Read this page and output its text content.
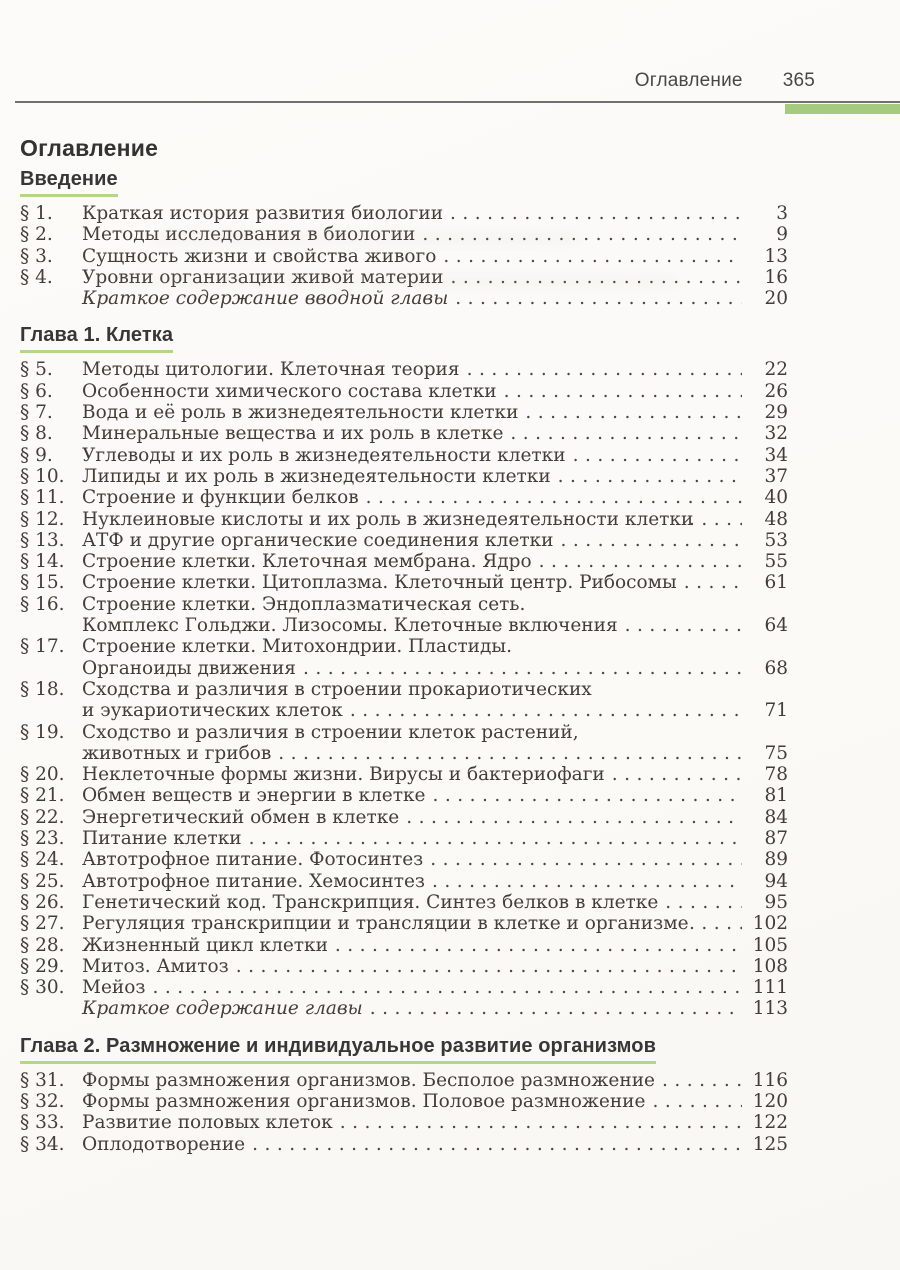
Оглавление 365
Оглавление
Введение
§ 1.	Краткая история развития биологии .....	3
§ 2.	Методы исследования в биологии .....	9
§ 3.	Сущность жизни и свойства живого .....	13
§ 4.	Уровни организации живой материи .....	16
Краткое содержание вводной главы .....	20
Глава 1. Клетка
§ 5.	Методы цитологии. Клеточная теория .....	22
§ 6.	Особенности химического состава клетки .....	26
§ 7.	Вода и её роль в жизнедеятельности клетки .....	29
§ 8.	Минеральные вещества и их роль в клетке .....	32
§ 9.	Углеводы и их роль в жизнедеятельности клетки .....	34
§ 10. Липиды и их роль в жизнедеятельности клетки .....	37
§ 11. Строение и функции белков .....	40
§ 12. Нуклеиновые кислоты и их роль в жизнедеятельности клетки .....	48
§ 13. АТФ и другие органические соединения клетки .....	53
§ 14. Строение клетки. Клеточная мембрана. Ядро .....	55
§ 15. Строение клетки. Цитоплазма. Клеточный центр. Рибосомы .....	61
§ 16. Строение клетки. Эндоплазматическая сеть.
Комплекс Гольджи. Лизосомы. Клеточные включения .....	64
§ 17. Строение клетки. Митохондрии. Пластиды.
Органоиды движения .....	68
§ 18. Сходства и различия в строении прокариотических
и эукариотических клеток .....	71
§ 19. Сходство и различия в строении клеток растений,
животных и грибов .....	75
§ 20. Неклеточные формы жизни. Вирусы и бактериофаги .....	78
§ 21. Обмен веществ и энергии в клетке .....	81
§ 22. Энергетический обмен в клетке .....	84
§ 23. Питание клетки .....	87
§ 24. Автотрофное питание. Фотосинтез .....	89
§ 25. Автотрофное питание. Хемосинтез .....	94
§ 26. Генетический код. Транскрипция. Синтез белков в клетке .....	95
§ 27. Регуляция транскрипции и трансляции в клетке и организме .....	102
§ 28. Жизненный цикл клетки .....	105
§ 29. Митоз. Амитоз .....	108
§ 30. Мейоз .....	111
Краткое содержание главы .....	113
Глава 2. Размножение и индивидуальное развитие организмов
§ 31. Формы размножения организмов. Бесполое размножение .....	116
§ 32. Формы размножения организмов. Половое размножение .....	120
§ 33. Развитие половых клеток .....	122
§ 34. Оплодотворение .....	125
